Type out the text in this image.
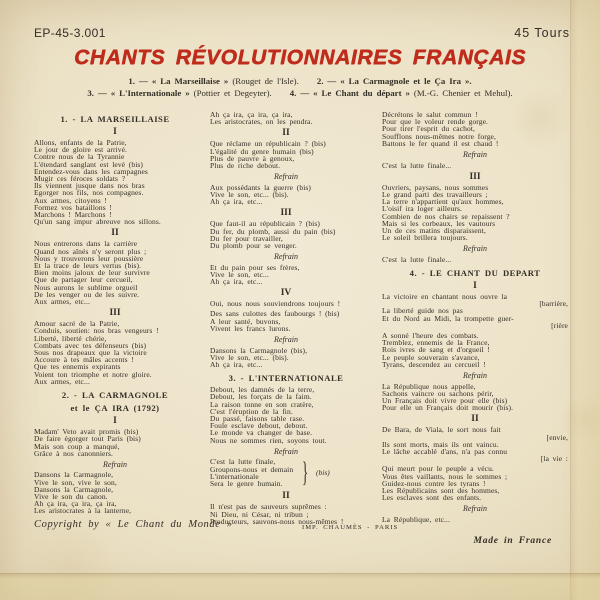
EP-45-3.001	45 Tours
CHANTS RÉVOLUTIONNAIRES FRANÇAIS
1. — « La Marseillaise » (Rouget de l'Isle). 2. — « La Carmagnole et le Ça Ira ».
3. — « L'Internationale » (Pottier et Degeyter). 4. — « Le Chant du départ » (M.-G. Chenier et Mehul).
1. - LA MARSEILLAISE
I
Allons, enfants de la Patrie,
Le jour de gloire est arrivé.
Contre nous de la Tyrannie
L'étendard sanglant est levé (bis)
Entendez-vous dans les campagnes
Mugir ces féroces soldats ?
Ils viennent jusque dans nos bras
Egorger nos fils, nos compagnes.
Aux armes, citoyens !
Formez vos bataillons !
Marchons ! Marchons !
Qu'un sang impur abreuve nos sillons.
II
Nous entrerons dans la carrière
Quand nos aînés n'y seront plus ;
Nous y trouverons leur poussière
Et la trace de leurs vertus (bis).
Bien moins jaloux de leur survivre
Que de partager leur cercueil,
Nous aurons le sublime orgueil
De les venger ou de les suivre.
Aux armes, etc...
III
Amour sacré de la Patrie,
Conduis, soutien: nos bras vengeurs !
Liberté, liberté chérie,
Combats avec tes défenseurs (bis)
Sous nos drapeaux que la victoire
Accoure à tes mâles accents !
Que tes ennemis expirants
Voient ton triomphe et notre gloire.
Aux armes, etc...
2. - LA CARMAGNOLE
et le ÇA IRA (1792)
I
Madam' Veto avait promis (bis)
De faire égorger tout Paris (bis)
Mais son coup a manqué,
Grâce à nos canonniers.
Refrain
Dansons la Carmagnole,
Vive le son, vive le son,
Dansons la Carmagnole,
Vive le son du canon.
Ah ça ira, ça ira, ça ira,
Les aristocrates à la lanterne,
Ah ça ira, ça ira, ça ira,
Les aristocrates, on les pendra.
II
Que réclame un républicain ? (bis)
L'égalité du genre humain (bis)
Plus de pauvre à genoux,
Plus de riche debout.
Refrain
Aux possédants la guerre (bis)
Vive le son, etc... (bis).
Ah ça ira, etc...
III
Que faut-il au républicain ? (bis)
Du fer, du plomb, aussi du pain (bis)
Du fer pour travailler,
Du plomb pour se venger.
Refrain
Et du pain pour ses frères,
Vive le son, etc...
Ah ça ira, etc...
IV
Oui, nous nous souviendrons toujours !
Des sans culottes des faubourgs ! (bis)
A leur santé, buvons,
Vivent les francs lurons.
Refrain
Dansons la Carmagnole (bis),
Vive le son, etc... (bis).
Ah ça ira, etc...
3. - L'INTERNATIONALE
Debout, les damnés de la terre,
Debout, les forçats de la faim.
La raison tonne en son cratère,
C'est l'éruption de la fin.
Du passé, faisons table rase.
Foule esclave debout, debout.
Le monde va changer de base.
Nous ne sommes rien, soyons tout.
Refrain
C'est la lutte finale,
Groupons-nous et demain
L'internationale
Sera le genre humain.	} (bis)
II
Il n'est pas de sauveurs suprêmes :
Ni Dieu, ni César, ni tribun ;
Producteurs, sauvons-nous nous-mêmes !
Décrétons le salut commun !
Pour que le voleur rende gorge.
Pour tirer l'esprit du cachot,
Soufflons nous-mêmes notre forge,
Battons le fer quand il est chaud !
Refrain
C'est la lutte finale...
III
Ouvriers, paysans, nous sommes
Le grand parti des travailleurs ;
La terre n'appartient qu'aux hommes,
L'oisif ira loger ailleurs.
Combien de nos chairs se repaissent ?
Mais si les corbeaux, les vautours
Un de ces matins disparaissent,
Le soleil brillera toujours.
Refrain
C'est la lutte finale...
4. - LE CHANT DU DEPART
I
La victoire en chantant nous ouvre la
[barrière,
La liberté guide nos pas
Et du Nord au Midi, la trompette guer-
[rière
A sonné l'heure des combats.
Tremblez, ennemis de la France,
Rois ivres de sang et d'orgueil !
Le peuple souverain s'avance,
Tyrans, descendez au cercueil !
Refrain
La République nous appelle,
Sachons vaincre ou sachons périr,
Un Français doit vivre pour elle (bis)
Pour elle un Français doit mourir (bis).
II
De Bara, de Viala, le sort nous fait
[envie,
Ils sont morts, mais ils ont vaincu.
Le lâche accablé d'ans, n'a pas connu
[la vie :
Qui meurt pour le peuple a vécu.
Vous êtes vaillants, nous le sommes ;
Guidez-nous contre les tyrans !
Les Républicains sont des hommes,
Les esclaves sont des enfants.
Refrain
La République, etc...
Copyright by « Le Chant du Monde »	IMP. CHAUMÈS - PARIS
Made in France
